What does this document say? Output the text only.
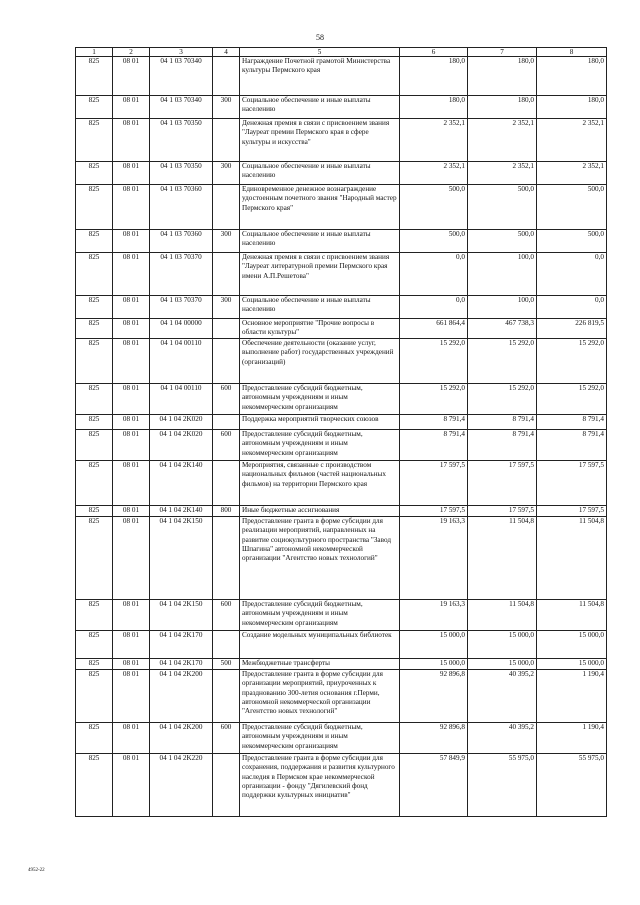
58
1	2	3	4	5	6	7	8
825	08 01	04 1 03 70340		Награждение Почетной грамотой Министерства культуры Пермского края	180,0	180,0	180,0
825	08 01	04 1 03 70340	300	Социальное обеспечение и иные выплаты населению	180,0	180,0	180,0
825	08 01	04 1 03 70350		Денежная премия в связи с присвоением звания "Лауреат премии Пермского края в сфере культуры и искусства"	2 352,1	2 352,1	2 352,1
825	08 01	04 1 03 70350	300	Социальное обеспечение и иные выплаты населению	2 352,1	2 352,1	2 352,1
825	08 01	04 1 03 70360		Единовременное денежное вознаграждение удостоенным почетного звания "Народный мастер Пермского края"	500,0	500,0	500,0
825	08 01	04 1 03 70360	300	Социальное обеспечение и иные выплаты населению	500,0	500,0	500,0
825	08 01	04 1 03 70370		Денежная премия в связи с присвоением звания "Лауреат литературной премии Пермского края имени А.П.Решетова"	0,0	100,0	0,0
825	08 01	04 1 03 70370	300	Социальное обеспечение и иные выплаты населению	0,0	100,0	0,0
825	08 01	04 1 04 00000		Основное мероприятие "Прочие вопросы в области культуры"	661 864,4	467 738,3	226 819,5
825	08 01	04 1 04 00110		Обеспечение деятельности (оказание услуг, выполнение работ) государственных учреждений (организаций)	15 292,0	15 292,0	15 292,0
825	08 01	04 1 04 00110	600	Предоставление субсидий бюджетным, автономным учреждениям и иным некоммерческим организациям	15 292,0	15 292,0	15 292,0
825	08 01	04 1 04 2K020		Поддержка мероприятий творческих союзов	8 791,4	8 791,4	8 791,4
825	08 01	04 1 04 2K020	600	Предоставление субсидий бюджетным, автономным учреждениям и иным некоммерческим организациям	8 791,4	8 791,4	8 791,4
825	08 01	04 1 04 2K140		Мероприятия, связанные с производством национальных фильмов (частей национальных фильмов) на территории Пермского края	17 597,5	17 597,5	17 597,5
825	08 01	04 1 04 2K140	800	Иные бюджетные ассигнования	17 597,5	17 597,5	17 597,5
825	08 01	04 1 04 2K150		Предоставление гранта в форме субсидии для реализации мероприятий, направленных на развитие социокультурного пространства "Завод Шпагина" автономной некоммерческой организации "Агентство новых технологий"	19 163,3	11 504,8	11 504,8
825	08 01	04 1 04 2K150	600	Предоставление субсидий бюджетным, автономным учреждениям и иным некоммерческим организациям	19 163,3	11 504,8	11 504,8
825	08 01	04 1 04 2K170		Создание модельных муниципальных библиотек	15 000,0	15 000,0	15 000,0
825	08 01	04 1 04 2K170	500	Межбюджетные трансферты	15 000,0	15 000,0	15 000,0
825	08 01	04 1 04 2K200		Предоставление гранта в форме субсидии для организации мероприятий, приуроченных к празднованию 300-летия основания г.Перми, автономной некоммерческой организации "Агентство новых технологий"	92 896,8	40 395,2	1 190,4
825	08 01	04 1 04 2K200	600	Предоставление субсидий бюджетным, автономным учреждениям и иным некоммерческим организациям	92 896,8	40 395,2	1 190,4
825	08 01	04 1 04 2K220		Предоставление гранта в форме субсидии для сохранения, поддержания и развития культурного наследия в Пермском крае некоммерческой организации - фонду "Дягилевский фонд поддержки культурных инициатив"	57 849,9	55 975,0	55 975,0
4952-22
